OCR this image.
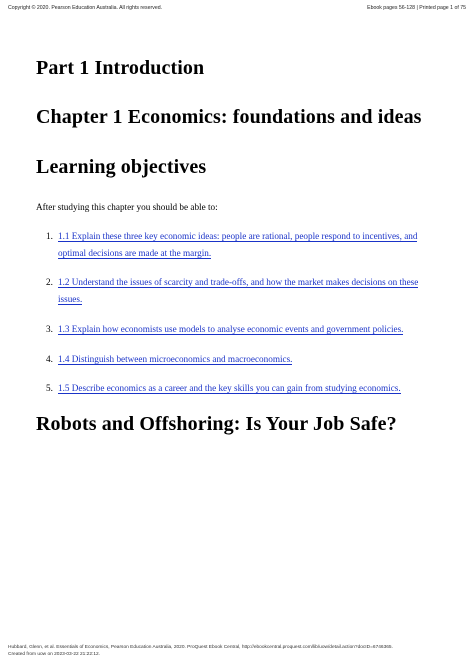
Copyright © 2020. Pearson Education Australia. All rights reserved.	Ebook pages 56-128 | Printed page 1 of 75
Part 1 Introduction
Chapter 1 Economics: foundations and ideas
Learning objectives

After studying this chapter you should be able to:

1. 1.1 Explain these three key economic ideas: people are rational, people respond to incentives, and optimal decisions are made at the margin.
2. 1.2 Understand the issues of scarcity and trade-offs, and how the market makes decisions on these issues.
3. 1.3 Explain how economists use models to analyse economic events and government policies.
4. 1.4 Distinguish between microeconomics and macroeconomics.
5. 1.5 Describe economics as a career and the key skills you can gain from studying economics.
Robots and Offshoring: Is Your Job Safe?
Hubbard, Glenn, et al. Essentials of Economics, Pearson Education Australia, 2020. ProQuest Ebook Central, http://ebookcentral.proquest.com/lib/uow/detail.action?docID=6746365.
Created from uow on 2023-03-22 21:22:12.
